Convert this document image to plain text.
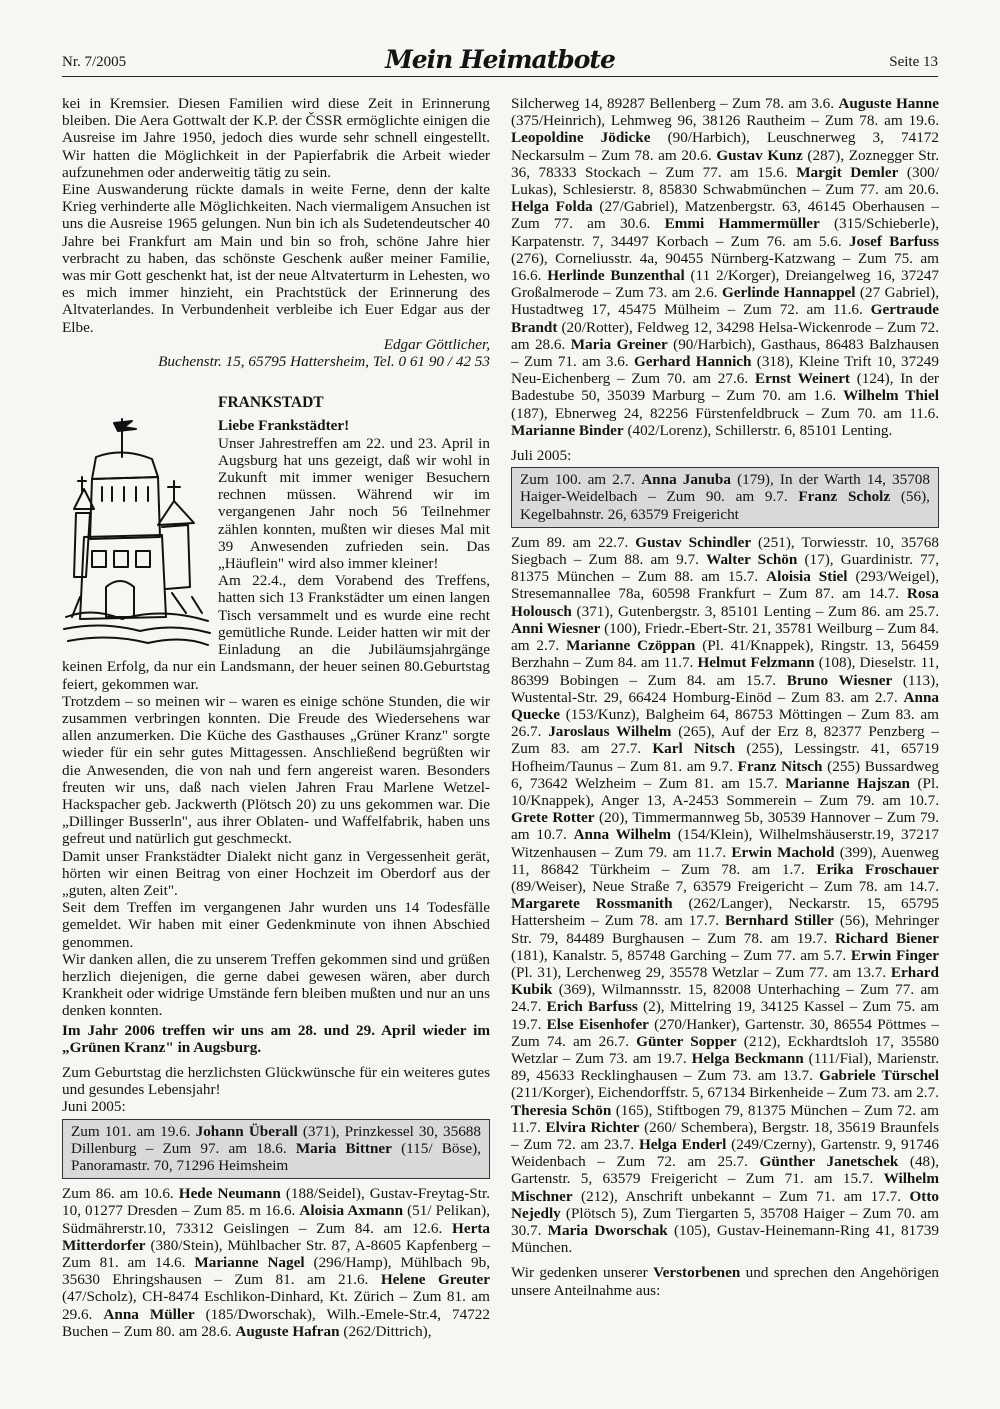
Nr. 7/2005	Mein Heimatbote	Seite 13

kei in Kremsier. Diesen Familien wird diese Zeit in Erinnerung bleiben. Die Aera Gottwalt der K.P. der ČSSR ermöglichte einigen die Ausreise im Jahre 1950, jedoch dies wurde sehr schnell eingestellt. Wir hatten die Möglichkeit in der Papierfabrik die Arbeit wieder aufzunehmen oder anderweitig tätig zu sein.

Eine Auswanderung rückte damals in weite Ferne, denn der kalte Krieg verhinderte alle Möglichkeiten. Nach viermaligem Ansuchen ist uns die Ausreise 1965 gelungen. Nun bin ich als Sudetendeutscher 40 Jahre bei Frankfurt am Main und bin so froh, schöne Jahre hier verbracht zu haben, das schönste Geschenk außer meiner Familie, was mir Gott geschenkt hat, ist der neue Altvaterturm in Lehesten, wo es mich immer hinzieht, ein Prachtstück der Erinnerung des Altvaterlandes. In Verbundenheit verbleibe ich Euer Edgar aus der Elbe.

Edgar Göttlicher,

Buchenstr. 15, 65795 Hattersheim, Tel. 0 61 90 / 42 53

FRANKSTADT

Liebe Frankstädter!

Unser Jahrestreffen am 22. und 23. April in Augsburg hat uns gezeigt, daß wir wohl in Zukunft mit immer weniger Besuchern rechnen müssen. Während wir im vergangenen Jahr noch 56 Teilnehmer zählen konnten, mußten wir dieses Mal mit 39 Anwesenden zufrieden sein. Das „Häuflein" wird also immer kleiner!

Am 22.4., dem Vorabend des Treffens, hatten sich 13 Frankstädter um einen langen Tisch versammelt und es wurde eine recht gemütliche Runde. Leider hatten wir mit der Einladung an die Jubiläumsjahrgänge keinen Erfolg, da nur ein Landsmann, der heuer seinen 80.Geburtstag feiert, gekommen war.

Trotzdem – so meinen wir – waren es einige schöne Stunden, die wir zusammen verbringen konnten. Die Freude des Wiedersehens war allen anzumerken. Die Küche des Gasthauses „Grüner Kranz" sorgte wieder für ein sehr gutes Mittagessen. Anschließend begrüßten wir die Anwesenden, die von nah und fern angereist waren. Besonders freuten wir uns, daß nach vielen Jahren Frau Marlene Wetzel-Hackspacher geb. Jackwerth (Plötsch 20) zu uns gekommen war. Die „Dillinger Busserln", aus ihrer Oblaten- und Waffelfabrik, haben uns gefreut und natürlich gut geschmeckt.

Damit unser Frankstädter Dialekt nicht ganz in Vergessenheit gerät, hörten wir einen Beitrag von einer Hochzeit im Oberdorf aus der „guten, alten Zeit".

Seit dem Treffen im vergangenen Jahr wurden uns 14 Todesfälle gemeldet. Wir haben mit einer Gedenkminute von ihnen Abschied genommen.

Wir danken allen, die zu unserem Treffen gekommen sind und grüßen herzlich diejenigen, die gerne dabei gewesen wären, aber durch Krankheit oder widrige Umstände fern bleiben mußten und nur an uns denken konnten.

Im Jahr 2006 treffen wir uns am 28. und 29. April wieder im „Grünen Kranz" in Augsburg.

Zum Geburtstag die herzlichsten Glückwünsche für ein weiteres gutes und gesundes Lebensjahr!

Juni 2005:

Zum 101. am 19.6. Johann Überall (371), Prinzkessel 30, 35688 Dillenburg – Zum 97. am 18.6. Maria Bittner (115/ Böse), Panoramastr. 70, 71296 Heimsheim

Zum 86. am 10.6. Hede Neumann (188/Seidel), Gustav-Freytag-Str. 10, 01277 Dresden – Zum 85. m 16.6. Aloisia Axmann (51/ Pelikan), Südmährerstr.10, 73312 Geislingen – Zum 84. am 12.6. Herta Mitterdorfer (380/Stein), Mühlbacher Str. 87, A-8605 Kapfenberg – Zum 81. am 14.6. Marianne Nagel (296/Hamp), Mühlbach 9b, 35630 Ehringshausen – Zum 81. am 21.6. Helene Greuter (47/Scholz), CH-8474 Eschlikon-Dinhard, Kt. Zürich – Zum 81. am 29.6. Anna Müller (185/Dworschak), Wilh.-Emele-Str.4, 74722 Buchen – Zum 80. am 28.6. Auguste Hafran (262/Dittrich),

Silcherweg 14, 89287 Bellenberg – Zum 78. am 3.6. Auguste Hanne (375/Heinrich), Lehmweg 96, 38126 Rautheim – Zum 78. am 19.6. Leopoldine Jödicke (90/Harbich), Leuschnerweg 3, 74172 Neckarsulm – Zum 78. am 20.6. Gustav Kunz (287), Zoznegger Str. 36, 78333 Stockach – Zum 77. am 15.6. Margit Demler (300/ Lukas), Schlesierstr. 8, 85830 Schwabmünchen – Zum 77. am 20.6. Helga Folda (27/Gabriel), Matzenbergstr. 63, 46145 Oberhausen – Zum 77. am 30.6. Emmi Hammermüller (315/Schieberle), Karpatenstr. 7, 34497 Korbach – Zum 76. am 5.6. Josef Barfuss (276), Corneliusstr. 4a, 90455 Nürnberg-Katzwang – Zum 75. am 16.6. Herlinde Bunzenthal (11 2/Korger), Dreiangelweg 16, 37247 Großalmerode – Zum 73. am 2.6. Gerlinde Hannappel (27 Gabriel), Hustadtweg 17, 45475 Mülheim – Zum 72. am 11.6. Gertraude Brandt (20/Rotter), Feldweg 12, 34298 Helsa-Wickenrode – Zum 72. am 28.6. Maria Greiner (90/Harbich), Gasthaus, 86483 Balzhausen – Zum 71. am 3.6. Gerhard Hannich (318), Kleine Trift 10, 37249 Neu-Eichenberg – Zum 70. am 27.6. Ernst Weinert (124), In der Badestube 50, 35039 Marburg – Zum 70. am 1.6. Wilhelm Thiel (187), Ebnerweg 24, 82256 Fürstenfeldbruck – Zum 70. am 11.6. Marianne Binder (402/Lorenz), Schillerstr. 6, 85101 Lenting.

Juli 2005:

Zum 100. am 2.7. Anna Januba (179), In der Warth 14, 35708 Haiger-Weidelbach – Zum 90. am 9.7. Franz Scholz (56), Kegelbahnstr. 26, 63579 Freigericht

Zum 89. am 22.7. Gustav Schindler (251), Torwiesstr. 10, 35768 Siegbach – Zum 88. am 9.7. Walter Schön (17), Guardinistr. 77, 81375 München – Zum 88. am 15.7. Aloisia Stiel (293/Weigel), Stresemannallee 78a, 60598 Frankfurt – Zum 87. am 14.7. Rosa Holousch (371), Gutenbergstr. 3, 85101 Lenting – Zum 86. am 25.7. Anni Wiesner (100), Friedr.-Ebert-Str. 21, 35781 Weilburg – Zum 84. am 2.7. Marianne Czöppan (Pl. 41/Knappek), Ringstr. 13, 56459 Berzhahn – Zum 84. am 11.7. Helmut Felzmann (108), Dieselstr. 11, 86399 Bobingen – Zum 84. am 15.7. Bruno Wiesner (113), Wustental-Str. 29, 66424 Homburg-Einöd – Zum 83. am 2.7. Anna Quecke (153/Kunz), Balgheim 64, 86753 Möttingen – Zum 83. am 26.7. Jaroslaus Wilhelm (265), Auf der Erz 8, 82377 Penzberg – Zum 83. am 27.7. Karl Nitsch (255), Lessingstr. 41, 65719 Hofheim/Taunus – Zum 81. am 9.7. Franz Nitsch (255) Bussardweg 6, 73642 Welzheim – Zum 81. am 15.7. Marianne Hajszan (Pl. 10/Knappek), Anger 13, A-2453 Sommerein – Zum 79. am 10.7. Grete Rotter (20), Timmermannweg 5b, 30539 Hannover – Zum 79. am 10.7. Anna Wilhelm (154/Klein), Wilhelmshäuserstr.19, 37217 Witzenhausen – Zum 79. am 11.7. Erwin Machold (399), Auenweg 11, 86842 Türkheim – Zum 78. am 1.7. Erika Froschauer (89/Weiser), Neue Straße 7, 63579 Freigericht – Zum 78. am 14.7. Margarete Rossmanith (262/Langer), Neckarstr. 15, 65795 Hattersheim – Zum 78. am 17.7. Bernhard Stiller (56), Mehringer Str. 79, 84489 Burghausen – Zum 78. am 19.7. Richard Biener (181), Kanalstr. 5, 85748 Garching – Zum 77. am 5.7. Erwin Finger (Pl. 31), Lerchenweg 29, 35578 Wetzlar – Zum 77. am 13.7. Erhard Kubik (369), Wilmannsstr. 15, 82008 Unterhaching – Zum 77. am 24.7. Erich Barfuss (2), Mittelring 19, 34125 Kassel – Zum 75. am 19.7. Else Eisenhofer (270/Hanker), Gartenstr. 30, 86554 Pöttmes – Zum 74. am 26.7. Günter Sopper (212), Eckhardtsloh 17, 35580 Wetzlar – Zum 73. am 19.7. Helga Beckmann (111/Fial), Marienstr. 89, 45633 Recklinghausen – Zum 73. am 13.7. Gabriele Türschel (211/Korger), Eichendorffstr. 5, 67134 Birkenheide – Zum 73. am 2.7. Theresia Schön (165), Stiftbogen 79, 81375 München – Zum 72. am 11.7. Elvira Richter (260/ Schembera), Bergstr. 18, 35619 Braunfels – Zum 72. am 23.7. Helga Enderl (249/Czerny), Gartenstr. 9, 91746 Weidenbach – Zum 72. am 25.7. Günther Janetschek (48), Gartenstr. 5, 63579 Freigericht – Zum 71. am 15.7. Wilhelm Mischner (212), Anschrift unbekannt – Zum 71. am 17.7. Otto Nejedly (Plötsch 5), Zum Tiergarten 5, 35708 Haiger – Zum 70. am 30.7. Maria Dworschak (105), Gustav-Heinemann-Ring 41, 81739 München.

Wir gedenken unserer Verstorbenen und sprechen den Angehörigen unsere Anteilnahme aus:
